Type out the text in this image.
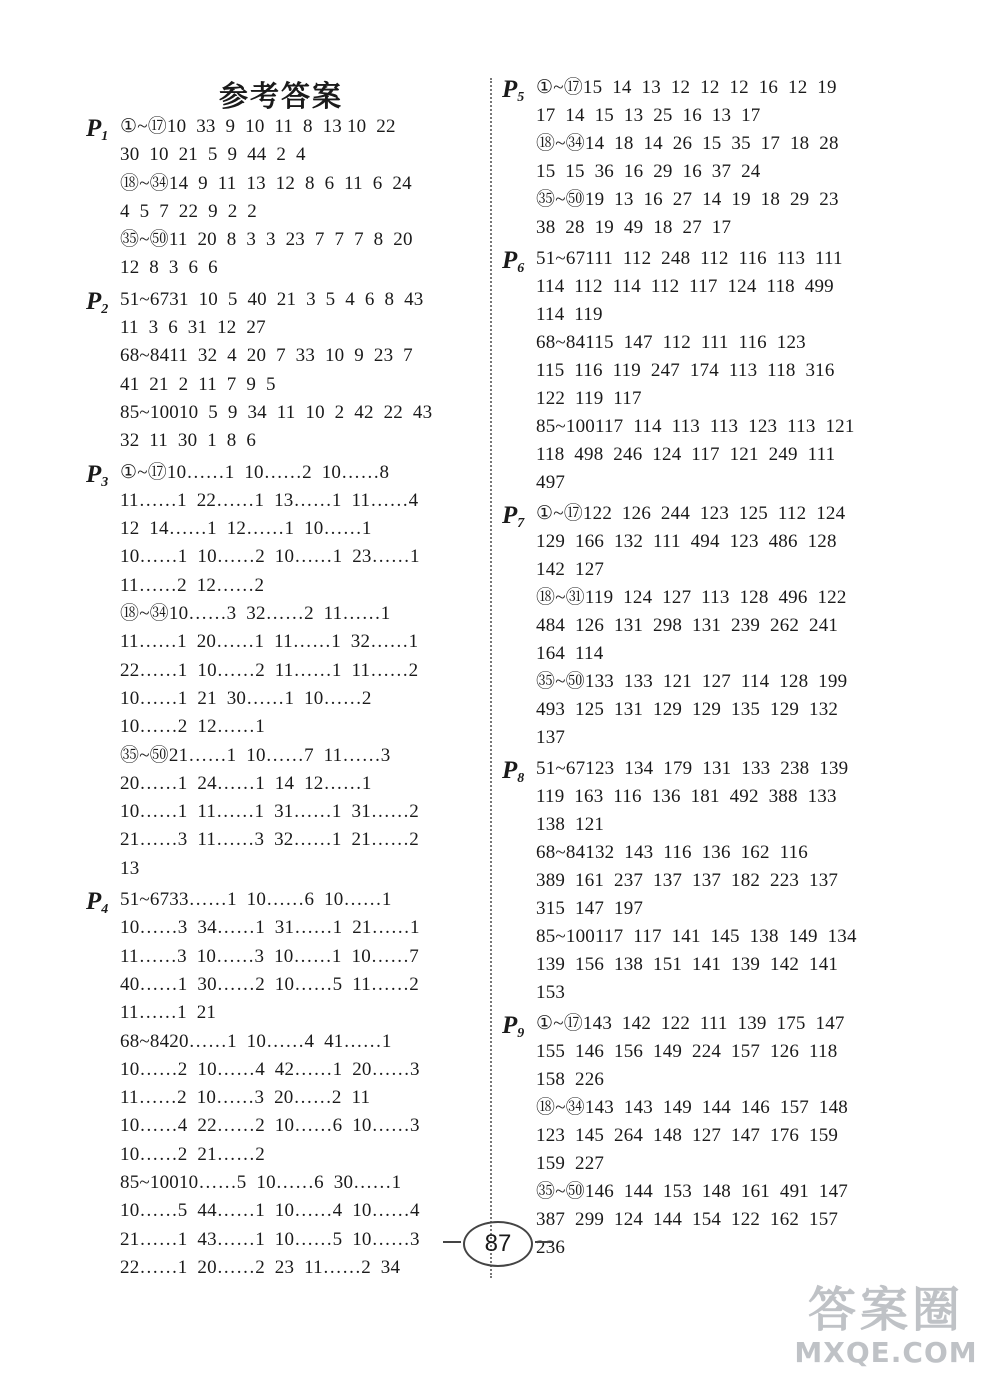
参考答案
$P_1$ ①~⑰10  33  9  10  11  8  13 10  22
30  10  21  5  9  44  2  4
⑱~㉞14  9  11  13  12  8  6  11  6  24
4  5  7  22  9  2  2
㉟~㊿11  20  8  3  3  23  7  7  7  8  20
12  8  3  6  6
$P_2$ 51~6731  10  5  40  21  3  5  4  6  8  43
11  3  6  31  12  27
68~8411  32  4  20  7  33  10  9  23  7
41  21  2  11  7  9  5
85~10010  5  9  34  11  10  2  42  22  43
32  11  30  1  8  6
$P_3$ ①~⑰10……1  10……2  10……8
11……1  22……1  13……1  11……4
12  14……1  12……1  10……1
10……1  10……2  10……1  23……1
11……2  12……2
⑱~㉞10……3  32……2  11……1
11……1  20……1  11……1  32……1
22……1  10……2  11……1  11……2
10……1  21  30……1  10……2
10……2  12……1
㉟~㊿21……1  10……7  11……3
20……1  24……1  14  12……1
10……1  11……1  31……1  31……2
21……3  11……3  32……1  21……2
13
$P_4$ 51~6733……1  10……6  10……1
10……3  34……1  31……1  21……1
11……3  10……3  10……1  10……7
40……1  30……2  10……5  11……2
11……1  21
68~8420……1  10……4  41……1
10……2  10……4  42……1  20……3
11……2  10……3  20……2  11
10……4  22……2  10……6  10……3
10……2  21……2
85~10010……5  10……6  30……1
10……5  44……1  10……4  10……4
21……1  43……1  10……5  10……3
22……1  20……2  23  11……2  34
$P_5$ ①~⑰15  14  13  12  12  12  16  12  19
17  14  15  13  25  16  13  17
⑱~㉞14  18  14  26  15  35  17  18  28
15  15  36  16  29  16  37  24
㉟~㊿19  13  16  27  14  19  18  29  23
38  28  19  49  18  27  17
$P_6$ 51~67111  112  248  112  116  113  111
114  112  114  112  117  124  118  499
114  119
68~84115  147  112  111  116  123
115  116  119  247  174  113  118  316
122  119  117
85~100117  114  113  113  123  113  121
118  498  246  124  117  121  249  111
497
$P_7$ ①~⑰122  126  244  123  125  112  124
129  166  132  111  494  123  486  128
142  127
⑱~㉛119  124  127  113  128  496  122
484  126  131  298  131  239  262  241
164  114
㉟~㊿133  133  121  127  114  128  199
493  125  131  129  129  135  129  132
137
$P_8$ 51~67123  134  179  131  133  238  139
119  163  116  136  181  492  388  133
138  121
68~84132  143  116  136  162  116
389  161  237  137  137  182  223  137
315  147  197
85~100117  117  141  145  138  149  134
139  156  138  151  141  139  142  141
153
$P_9$ ①~⑰143  142  122  111  139  175  147
155  146  156  149  224  157  126  118
158  226
⑱~㉞143  143  149  144  146  157  148
123  145  264  148  127  147  176  159
159  227
㉟~㊿146  144  153  148  161  491  147
387  299  124  144  154  122  162  157
236
87
答案圈
MXQE.COM
